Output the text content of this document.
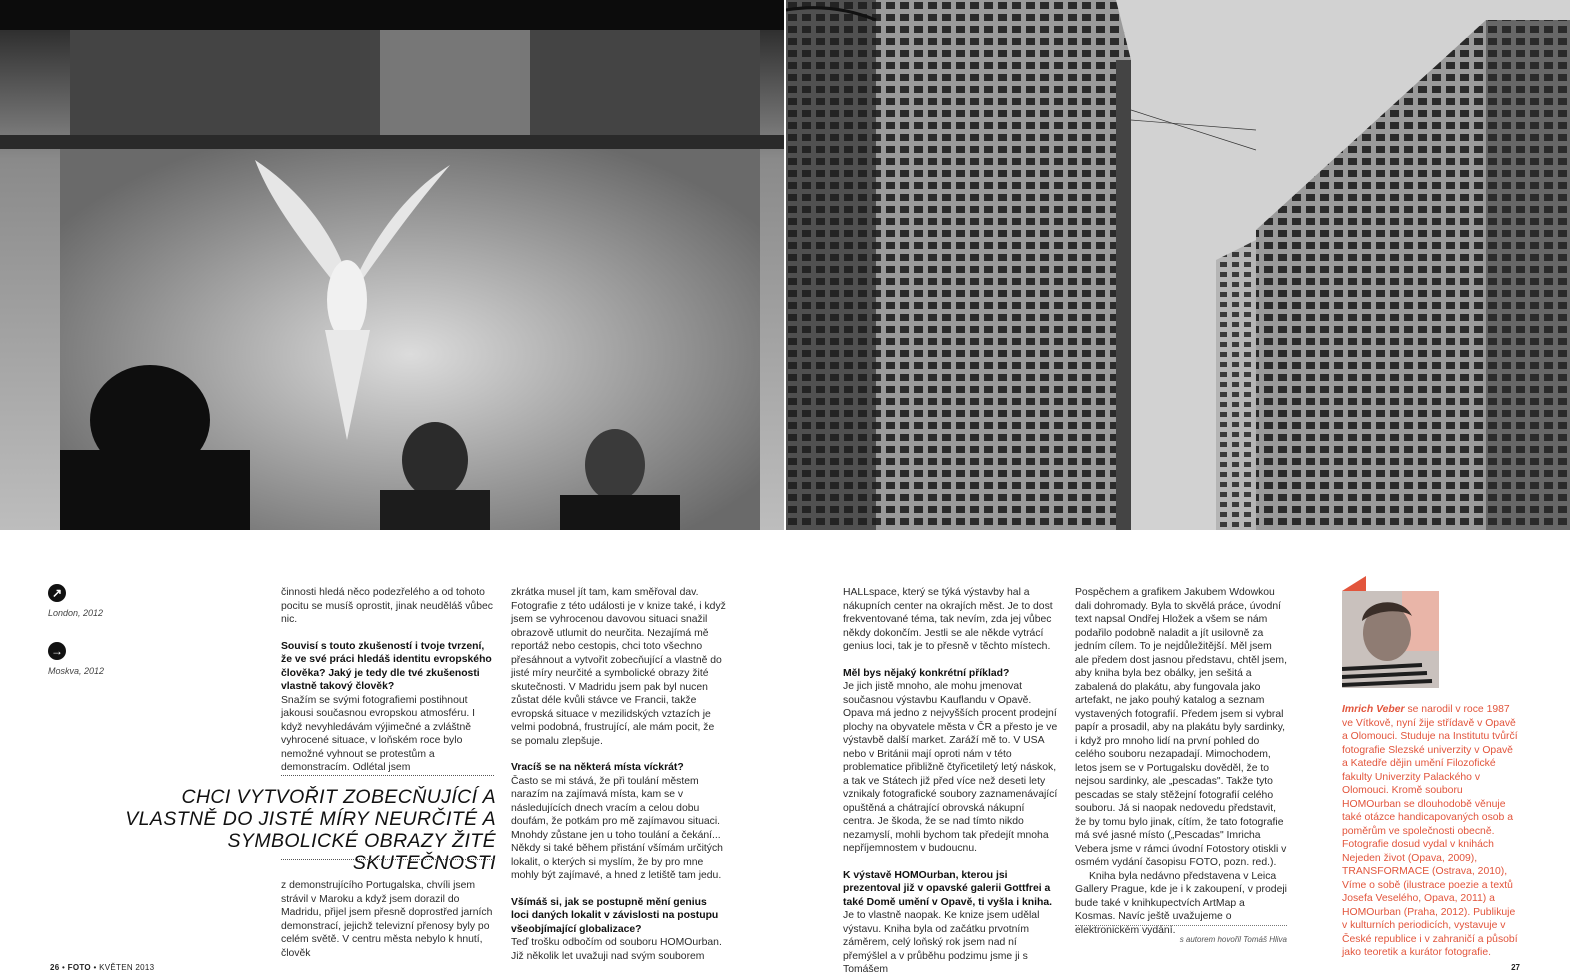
↗
London, 2012
→
Moskva, 2012

činnosti hledá něco podezřelého a od tohoto pocitu se musíš oprostit, jinak neuděláš vůbec nic.

Souvisí s touto zkušeností i tvoje tvrzení, že ve své práci hledáš identitu evropského člověka? Jaký je tedy dle tvé zkušenosti vlastně takový člověk?

Snažím se svými fotografiemi postihnout jakousi současnou evropskou atmosféru. I když nevyhledávám výjimečné a zvláštně vyhrocené situace, v loňském roce bylo nemožné vyhnout se protestům a demonstracím. Odlétal jsem

CHCI VYTVOŘIT ZOBECŇUJÍCÍ A VLASTNĚ DO JISTÉ MÍRY NEURČITÉ A SYMBOLICKÉ OBRAZY ŽITÉ SKUTEČNOSTI

z demonstrujícího Portugalska, chvíli jsem strávil v Maroku a když jsem dorazil do Madridu, přijel jsem přesně doprostřed jarních demonstrací, jejichž televizní přenosy byly po celém světě. V centru města nebylo k hnutí, člověk

zkrátka musel jít tam, kam směřoval dav. Fotografie z této události je v knize také, i když jsem se vyhrocenou davovou situaci snažil obrazově utlumit do neurčita. Nezajímá mě reportáž nebo cestopis, chci toto všechno přesáhnout a vytvořit zobecňující a vlastně do jisté míry neurčité a symbolické obrazy žité skutečnosti. V Madridu jsem pak byl nucen zůstat déle kvůli stávce ve Francii, takže evropská situace v mezilidských vztazích je velmi podobná, frustrující, ale mám pocit, že se pomalu zlepšuje.

Vracíš se na některá místa víckrát?

Často se mi stává, že při toulání městem narazím na zajímavá místa, kam se v následujících dnech vracím a celou dobu doufám, že potkám pro mě zajímavou situaci. Mnohdy zůstane jen u toho toulání a čekání... Někdy si také během přistání všímám určitých lokalit, o kterých si myslím, že by pro mne mohly být zajímavé, a hned z letiště tam jedu.

Všímáš si, jak se postupně mění genius loci daných lokalit v závislosti na postupu všeobjímající globalizace?

Teď trošku odbočím od souboru HOMOurban. Již několik let uvažuji nad svým souborem

HALLspace, který se týká výstavby hal a nákupních center na okrajích měst. Je to dost frekventované téma, tak nevím, zda jej vůbec někdy dokončím. Jestli se ale někde vytrácí genius loci, tak je to přesně v těchto místech.

Měl bys nějaký konkrétní příklad?

Je jich jistě mnoho, ale mohu jmenovat současnou výstavbu Kauflandu v Opavě. Opava má jedno z nejvyšších procent prodejní plochy na obyvatele města v ČR a přesto je ve výstavbě další market. Zaráží mě to. V USA nebo v Británii mají oproti nám v této problematice přibližně čtyřicetiletý letý náskok, a tak ve Státech již před více než deseti lety vznikaly fotografické soubory zaznamenávající opuštěná a chátrající obrovská nákupní centra. Je škoda, že se nad tímto nikdo nezamyslí, mohli bychom tak předejít mnoha nepříjemnostem v budoucnu.

K výstavě HOMOurban, kterou jsi prezentoval již v opavské galerii Gottfrei a také Domě umění v Opavě, ti vyšla i kniha.

Je to vlastně naopak. Ke knize jsem udělal výstavu. Kniha byla od začátku prvotním záměrem, celý loňský rok jsem nad ní přemýšlel a v průběhu podzimu jsme ji s Tomášem

Pospěchem a grafikem Jakubem Wdowkou dali dohromady. Byla to skvělá práce, úvodní text napsal Ondřej Hložek a všem se nám podařilo podobně naladit a jít usilovně za jedním cílem. To je nejdůležitější. Měl jsem ale předem dost jasnou představu, chtěl jsem, aby kniha byla bez obálky, jen sešitá a zabalená do plakátu, aby fungovala jako artefakt, ne jako pouhý katalog a seznam vystavených fotografií. Předem jsem si vybral papír a prosadil, aby na plakátu byly sardinky, i když pro mnoho lidí na první pohled do celého souboru nezapadají. Mimochodem, letos jsem se v Portugalsku dověděl, že to nejsou sardinky, ale „pescadas". Takže tyto pescadas se staly stěžejní fotografií celého souboru. Já si naopak nedovedu představit, že by tomu bylo jinak, cítím, že tato fotografie má své jasné místo („Pescadas" Imricha Vebera jsme v rámci úvodní Fotostory otiskli v osmém vydání časopisu FOTO, pozn. red.).

Kniha byla nedávno představena v Leica Gallery Prague, kde je i k zakoupení, v prodeji bude také v knihkupectvích ArtMap a Kosmas. Navíc ještě uvažujeme o elektronickém vydání.

s autorem hovořil Tomáš Hliva
Imrich Veber se narodil v roce 1987 ve Vítkově, nyní žije střídavě v Opavě a Olomouci. Studuje na Institutu tvůrčí fotografie Slezské univerzity v Opavě a Katedře dějin umění Filozofické fakulty Univerzity Palackého v Olomouci. Kromě souboru HOMOurban se dlouhodobě věnuje také otázce handicapovaných osob a poměrům ve společnosti obecně. Fotografie dosud vydal v knihách Nejeden život (Opava, 2009), TRANSFORMACE (Ostrava, 2010), Víme o sobě (ilustrace poezie a textů Josefa Veselého, Opava, 2011) a HOMOurban (Praha, 2012). Publikuje v kulturních periodicích, vystavuje v České republice i v zahraničí a působí jako teoretik a kurátor fotografie.
26 • FOTO • KVĚTEN 2013	27
